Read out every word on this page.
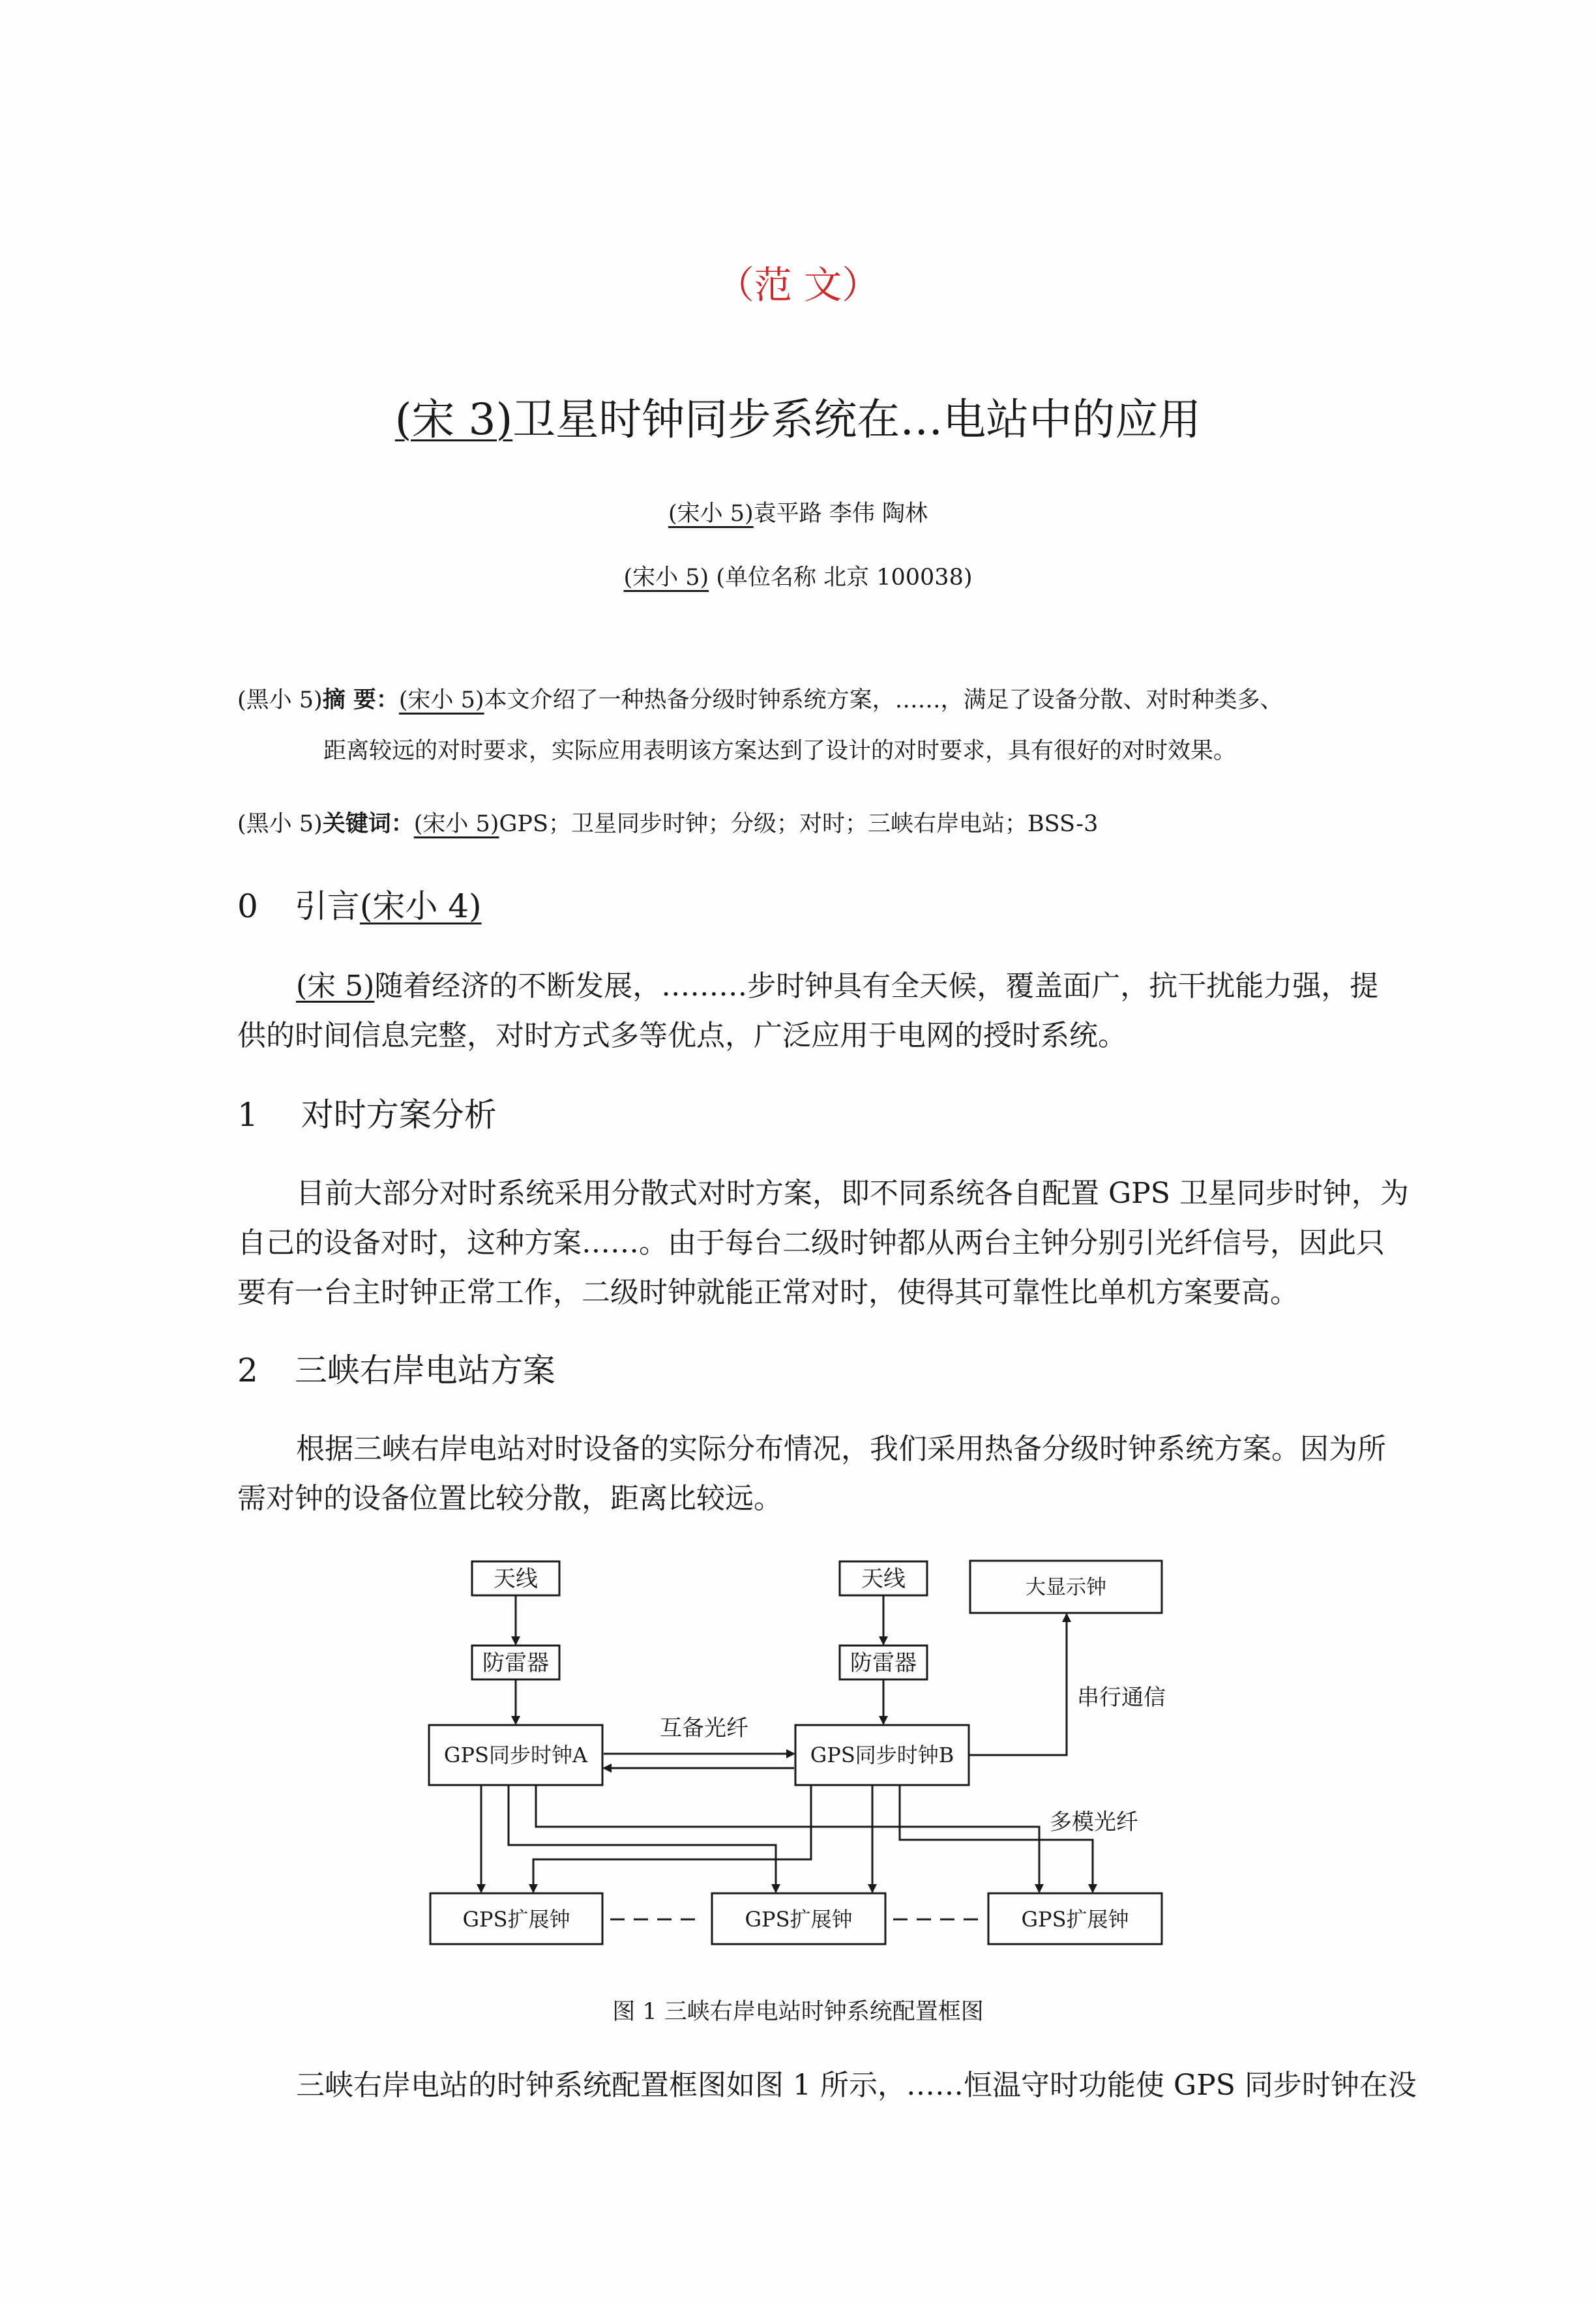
（范 文）
(宋 3)卫星时钟同步系统在…电站中的应用
(宋小 5)袁平路 李伟 陶林
(宋小 5) (单位名称 北京 100038)
(黑小 5)摘 要：(宋小 5)本文介绍了一种热备分级时钟系统方案，……，满足了设备分散、对时种类多、
距离较远的对时要求，实际应用表明该方案达到了设计的对时要求，具有很好的对时效果。
(黑小 5)关键词：(宋小 5)GPS；卫星同步时钟；分级；对时；三峡右岸电站；BSS-3
0 引言(宋小 4)
(宋 5)随着经济的不断发展，………步时钟具有全天候，覆盖面广，抗干扰能力强，提
供的时间信息完整，对时方式多等优点，广泛应用于电网的授时系统。
1 对时方案分析
目前大部分对时系统采用分散式对时方案，即不同系统各自配置 GPS 卫星同步时钟，为
自己的设备对时，这种方案……。由于每台二级时钟都从两台主钟分别引光纤信号，因此只
要有一台主时钟正常工作，二级时钟就能正常对时，使得其可靠性比单机方案要高。
2 三峡右岸电站方案
根据三峡右岸电站对时设备的实际分布情况，我们采用热备分级时钟系统方案。因为所
需对钟的设备位置比较分散，距离比较远。
天线	天线	大显示钟
防雷器	防雷器
串行通信
互备光纤
GPS同步时钟A	GPS同步时钟B
多模光纤
GPS扩展钟	GPS扩展钟	GPS扩展钟
图 1 三峡右岸电站时钟系统配置框图
三峡右岸电站的时钟系统配置框图如图 1 所示，……恒温守时功能使 GPS 同步时钟在没
